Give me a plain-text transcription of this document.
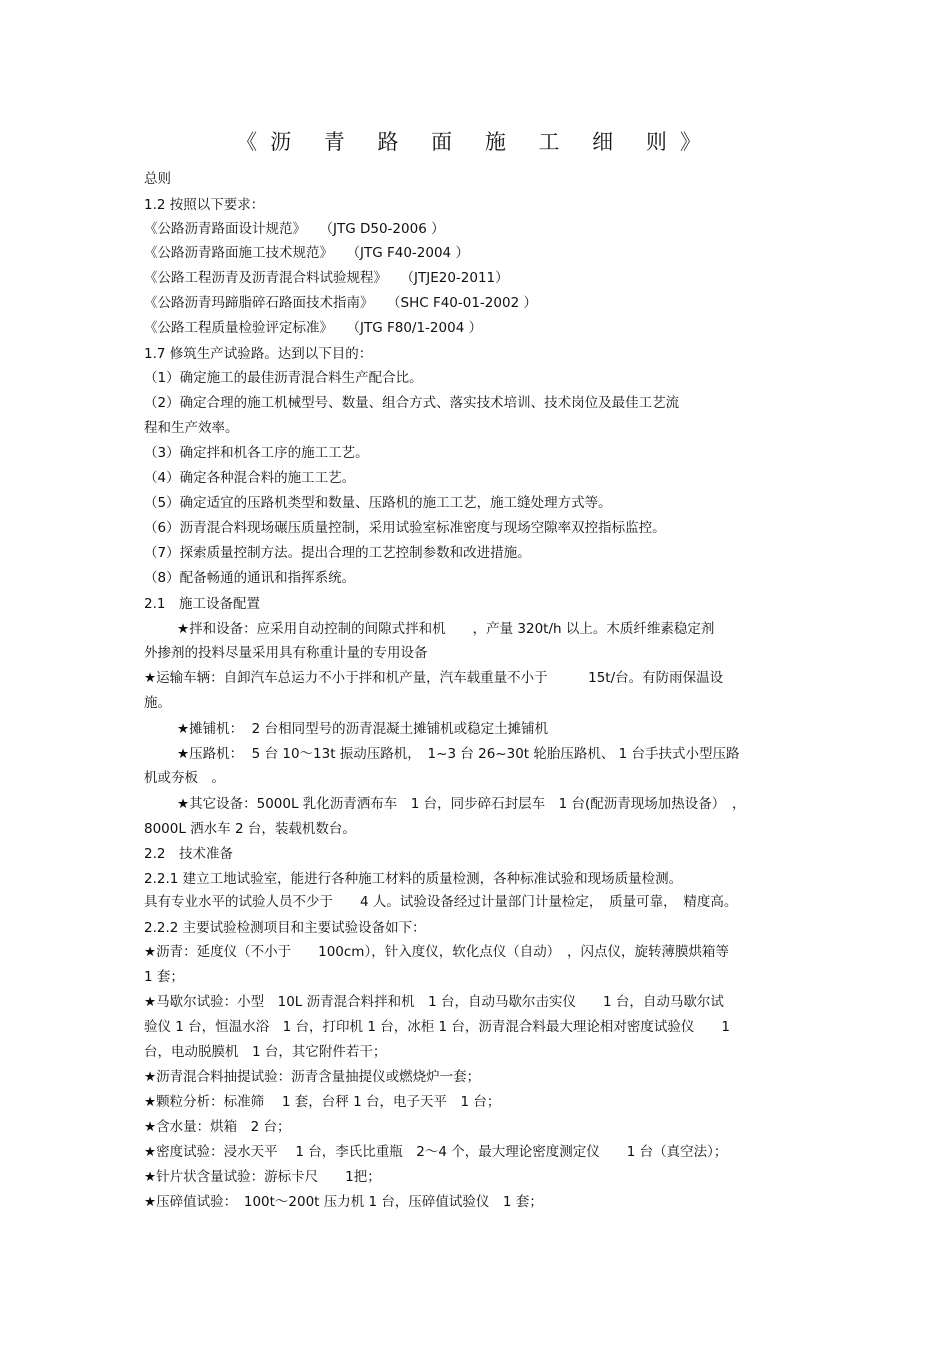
《沥 青 路 面 施 工 细 则》
总则
1.2 按照以下要求：
《公路沥青路面设计规范》　　（JTG D50-2006 ）
《公路沥青路面施工技术规范》　　（JTG F40-2004 ）
《公路工程沥青及沥青混合料试验规程》　　（JTJE20-2011）
《公路沥青玛蹄脂碎石路面技术指南》　　（SHC F40-01-2002 ）
《公路工程质量检验评定标准》　　（JTG F80/1-2004 ）
1.7 修筑生产试验路。达到以下目的：
（1）确定施工的最佳沥青混合料生产配合比。
（2）确定合理的施工机械型号、数量、组合方式、落实技术培训、技术岗位及最佳工艺流
程和生产效率。
（3）确定拌和机各工序的施工工艺。
（4）确定各种混合料的施工工艺。
（5）确定适宜的压路机类型和数量、压路机的施工工艺，施工缝处理方式等。
（6）沥青混合料现场碾压质量控制，采用试验室标准密度与现场空隙率双控指标监控。
（7）探索质量控制方法。提出合理的工艺控制参数和改进措施。
（8）配备畅通的通讯和指挥系统。
2.1　施工设备配置
★拌和设备：应采用自动控制的间隙式拌和机　　，产量 320t/h 以上。木质纤维素稳定剂
外掺剂的投料尽量采用具有称重计量的专用设备
★运输车辆：自卸汽车总运力不小于拌和机产量，汽车载重量不小于　　　15t/台。有防雨保温设
施。
★摊铺机：  2 台相同型号的沥青混凝土摊铺机或稳定土摊铺机
★压路机：  5 台 10～13t 振动压路机，　1~3 台 26~30t 轮胎压路机、 1 台手扶式小型压路
机或夯板　。
★其它设备：5000L 乳化沥青洒布车　1 台，同步碎石封层车　1 台(配沥青现场加热设备）　，
8000L 洒水车 2 台，装载机数台。
2.2　技术准备
2.2.1 建立工地试验室，能进行各种施工材料的质量检测，各种标准试验和现场质量检测。
具有专业水平的试验人员不少于　　4 人。试验设备经过计量部门计量检定，　质量可靠，　精度高。
2.2.2 主要试验检测项目和主要试验设备如下：
★沥青：延度仪（不小于　　100cm），针入度仪，软化点仪（自动）　，闪点仪，旋转薄膜烘箱等
1 套；
★马歇尔试验：小型　10L 沥青混合料拌和机　1 台，自动马歇尔击实仪　　1 台，自动马歇尔试
验仪 1 台，恒温水浴　1 台，打印机 1 台，冰柜 1 台，沥青混合料最大理论相对密度试验仪　　1
台，电动脱膜机　1 台，其它附件若干；
★沥青混合料抽提试验：沥青含量抽提仪或燃烧炉一套；
★颗粒分析：标准筛　 1 套，台秤 1 台，电子天平　1 台；
★含水量：烘箱　2 台；
★密度试验：浸水天平　 1 台，李氏比重瓶　2～4 个，最大理论密度测定仪　　1 台（真空法）；
★针片状含量试验：游标卡尺　　1把；
★压碎值试验：　100t～200t 压力机 1 台，压碎值试验仪　1 套；
